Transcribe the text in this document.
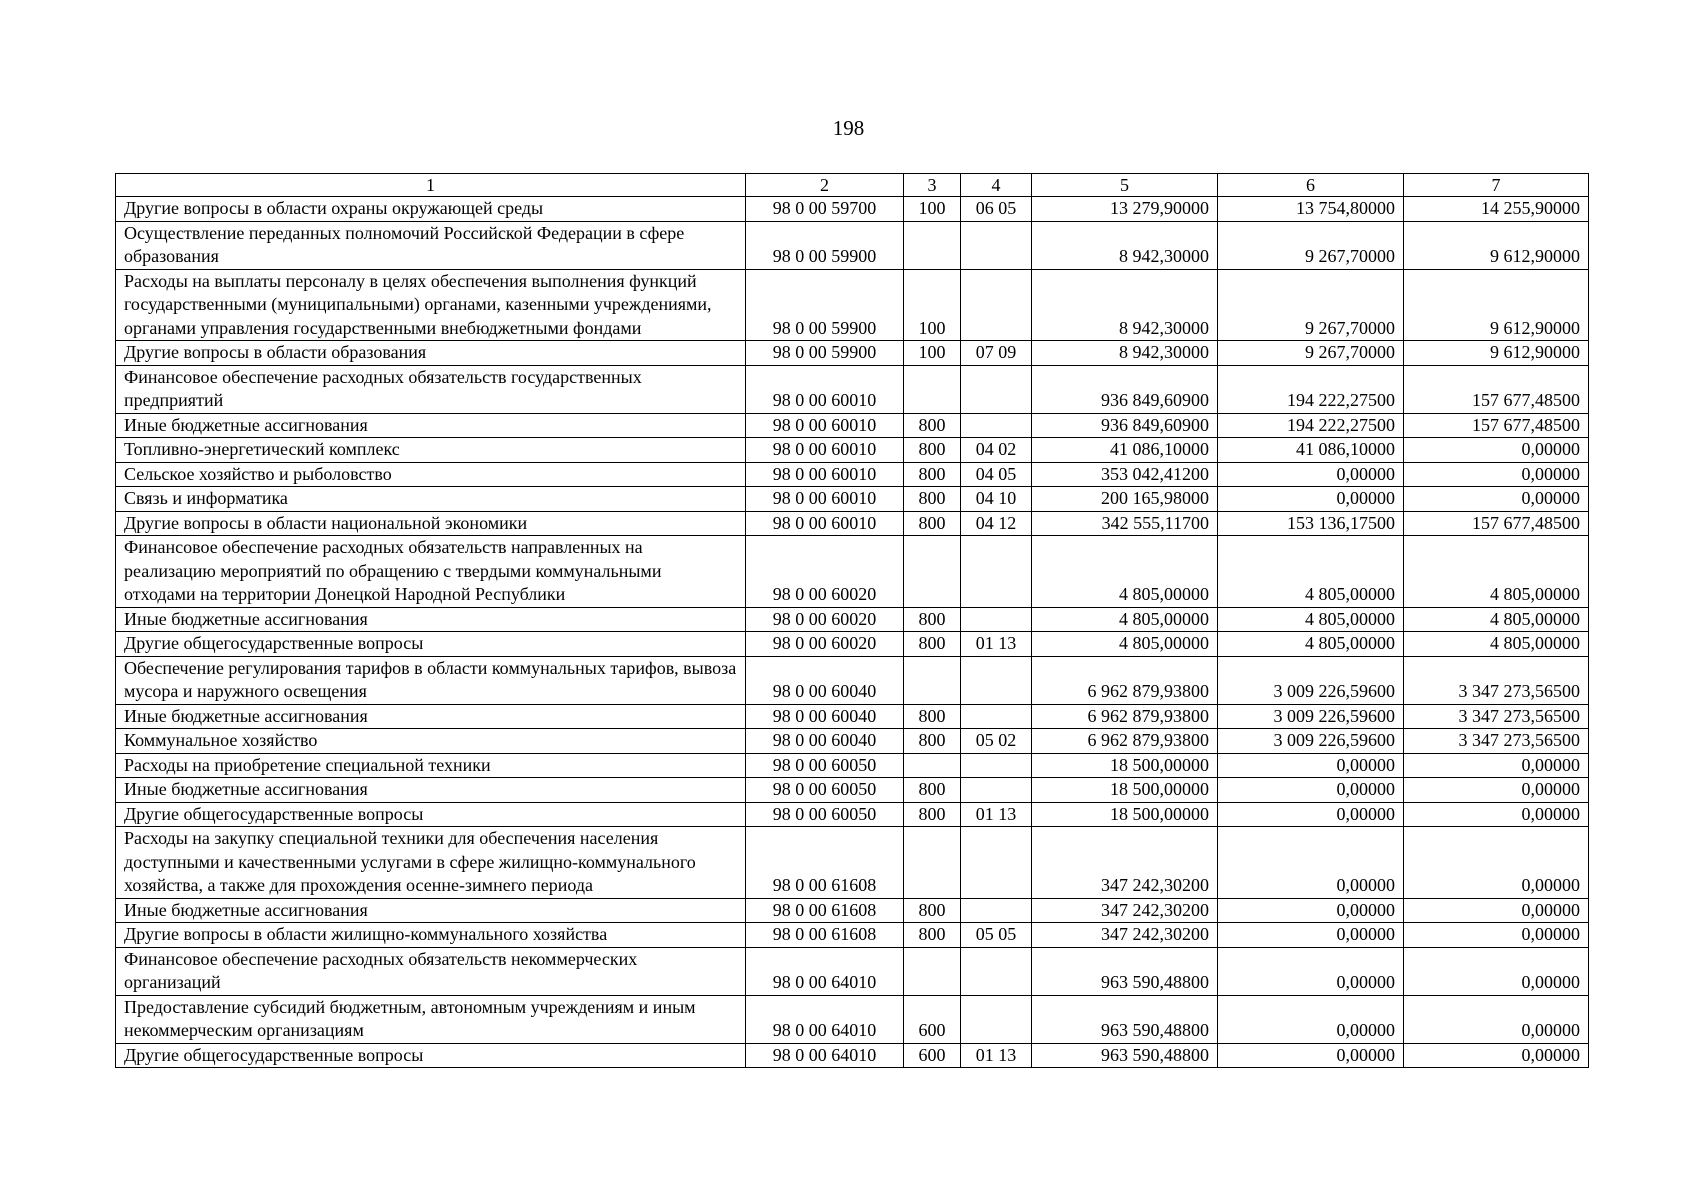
198
1	2	3	4	5	6	7
Другие вопросы в области охраны окружающей среды	98 0 00 59700	100	06 05	13 279,90000	13 754,80000	14 255,90000
Осуществление переданных полномочий Российской Федерации в сфере образования	98 0 00 59900			8 942,30000	9 267,70000	9 612,90000
Расходы на выплаты персоналу в целях обеспечения выполнения функций государственными (муниципальными) органами, казенными учреждениями, органами управления государственными внебюджетными фондами	98 0 00 59900	100		8 942,30000	9 267,70000	9 612,90000
Другие вопросы в области образования	98 0 00 59900	100	07 09	8 942,30000	9 267,70000	9 612,90000
Финансовое обеспечение расходных обязательств государственных предприятий	98 0 00 60010			936 849,60900	194 222,27500	157 677,48500
Иные бюджетные ассигнования	98 0 00 60010	800		936 849,60900	194 222,27500	157 677,48500
Топливно-энергетический комплекс	98 0 00 60010	800	04 02	41 086,10000	41 086,10000	0,00000
Сельское хозяйство и рыболовство	98 0 00 60010	800	04 05	353 042,41200	0,00000	0,00000
Связь и информатика	98 0 00 60010	800	04 10	200 165,98000	0,00000	0,00000
Другие вопросы в области национальной экономики	98 0 00 60010	800	04 12	342 555,11700	153 136,17500	157 677,48500
Финансовое обеспечение расходных обязательств направленных на реализацию мероприятий по обращению с твердыми коммунальными отходами на территории Донецкой Народной Республики	98 0 00 60020			4 805,00000	4 805,00000	4 805,00000
Иные бюджетные ассигнования	98 0 00 60020	800		4 805,00000	4 805,00000	4 805,00000
Другие общегосударственные вопросы	98 0 00 60020	800	01 13	4 805,00000	4 805,00000	4 805,00000
Обеспечение регулирования тарифов в области коммунальных тарифов, вывоза мусора и наружного освещения	98 0 00 60040			6 962 879,93800	3 009 226,59600	3 347 273,56500
Иные бюджетные ассигнования	98 0 00 60040	800		6 962 879,93800	3 009 226,59600	3 347 273,56500
Коммунальное хозяйство	98 0 00 60040	800	05 02	6 962 879,93800	3 009 226,59600	3 347 273,56500
Расходы на приобретение специальной техники	98 0 00 60050			18 500,00000	0,00000	0,00000
Иные бюджетные ассигнования	98 0 00 60050	800		18 500,00000	0,00000	0,00000
Другие общегосударственные вопросы	98 0 00 60050	800	01 13	18 500,00000	0,00000	0,00000
Расходы на закупку специальной техники для обеспечения населения доступными и качественными услугами в сфере жилищно-коммунального хозяйства, а также для прохождения осенне-зимнего периода	98 0 00 61608			347 242,30200	0,00000	0,00000
Иные бюджетные ассигнования	98 0 00 61608	800		347 242,30200	0,00000	0,00000
Другие вопросы в области жилищно-коммунального хозяйства	98 0 00 61608	800	05 05	347 242,30200	0,00000	0,00000
Финансовое обеспечение расходных обязательств некоммерческих организаций	98 0 00 64010			963 590,48800	0,00000	0,00000
Предоставление субсидий бюджетным, автономным учреждениям и иным некоммерческим организациям	98 0 00 64010	600		963 590,48800	0,00000	0,00000
Другие общегосударственные вопросы	98 0 00 64010	600	01 13	963 590,48800	0,00000	0,00000
